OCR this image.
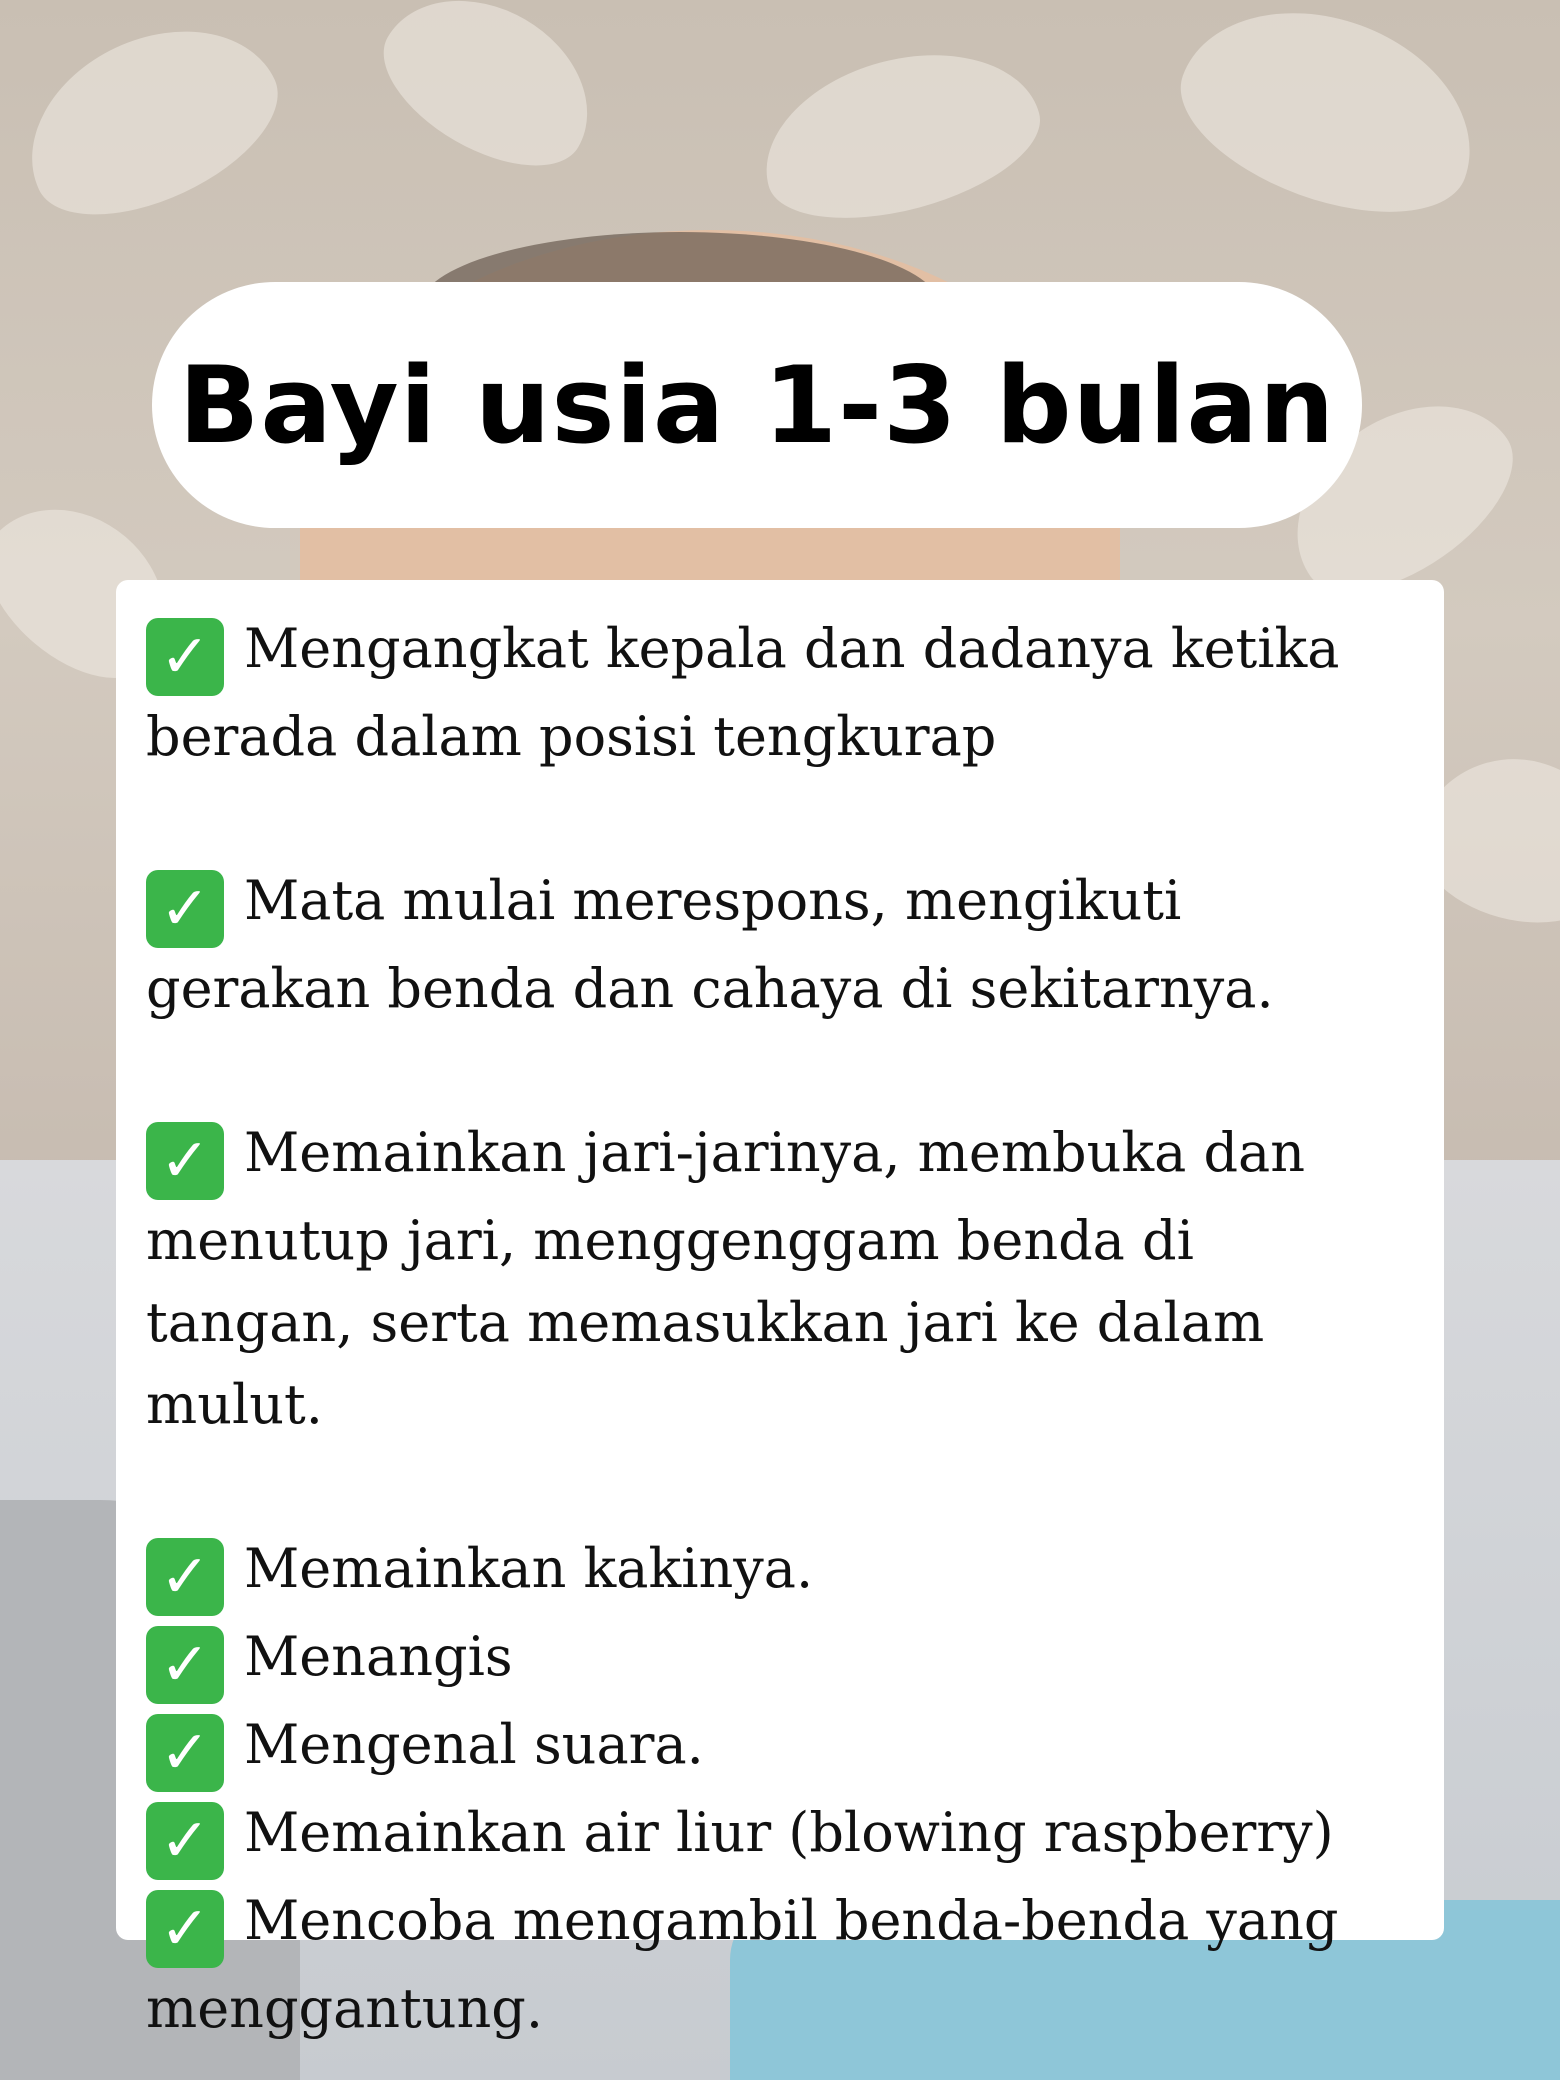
Bayi usia 1-3 bulan
✓ Mengangkat kepala dan dadanya ketika berada dalam posisi tengkurap
✓ Mata mulai merespons, mengikuti gerakan benda dan cahaya di sekitarnya.
✓ Memainkan jari-jarinya, membuka dan menutup jari, menggenggam benda di tangan, serta memasukkan jari ke dalam mulut.
✓ Memainkan kakinya.
✓ Menangis
✓ Mengenal suara.
✓ Memainkan air liur (blowing raspberry)
✓ Mencoba mengambil benda-benda yang menggantung.
